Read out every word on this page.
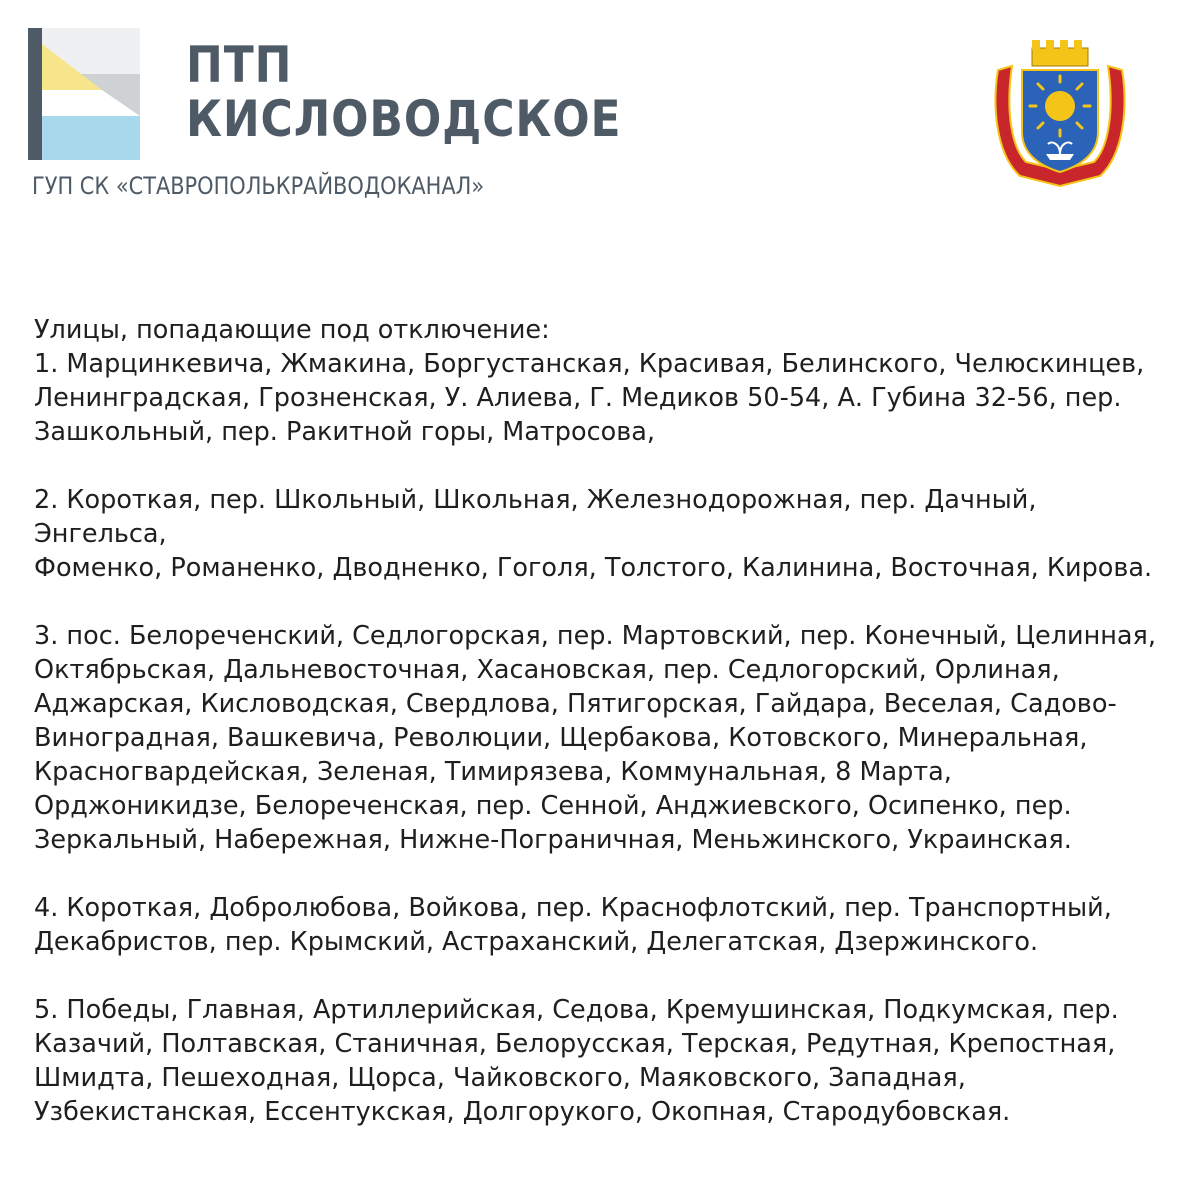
ПТП
КИСЛОВОДСКОЕ
ГУП СК «СТАВРОПОЛЬКРАЙВОДОКАНАЛ»

Улицы, попадающие под отключение:

1. Марцинкевича, Жмакина, Боргустанская, Красивая, Белинского, Челюскинцев,
Ленинградская, Грозненская, У. Алиева, Г. Медиков 50-54, А. Губина 32-56, пер.
Зашкольный, пер. Ракитной горы, Матросова,

2. Короткая, пер. Школьный, Школьная, Железнодорожная, пер. Дачный, Энгельса,
Фоменко, Романенко, Дводненко, Гоголя, Толстого, Калинина, Восточная, Кирова.

3. пос. Белореченский, Седлогорская, пер. Мартовский, пер. Конечный, Целинная,
Октябрьская, Дальневосточная, Хасановская, пер. Седлогорский, Орлиная,
Аджарская, Кисловодская, Свердлова, Пятигорская, Гайдара, Веселая, Садово-
Виноградная, Вашкевича, Революции, Щербакова, Котовского, Минеральная,
Красногвардейская, Зеленая, Тимирязева, Коммунальная, 8 Марта,
Орджоникидзе, Белореченская, пер. Сенной, Анджиевского, Осипенко, пер.
Зеркальный, Набережная, Нижне-Пограничная, Меньжинского, Украинская.

4. Короткая, Добролюбова, Войкова, пер. Краснофлотский, пер. Транспортный,
Декабристов, пер. Крымский, Астраханский, Делегатская, Дзержинского.

5. Победы, Главная, Артиллерийская, Седова, Кремушинская, Подкумская, пер.
Казачий, Полтавская, Станичная, Белорусская, Терская, Редутная, Крепостная,
Шмидта, Пешеходная, Щорса, Чайковского, Маяковского, Западная,
Узбекистанская, Ессентукская, Долгорукого, Окопная, Стародубовская.
